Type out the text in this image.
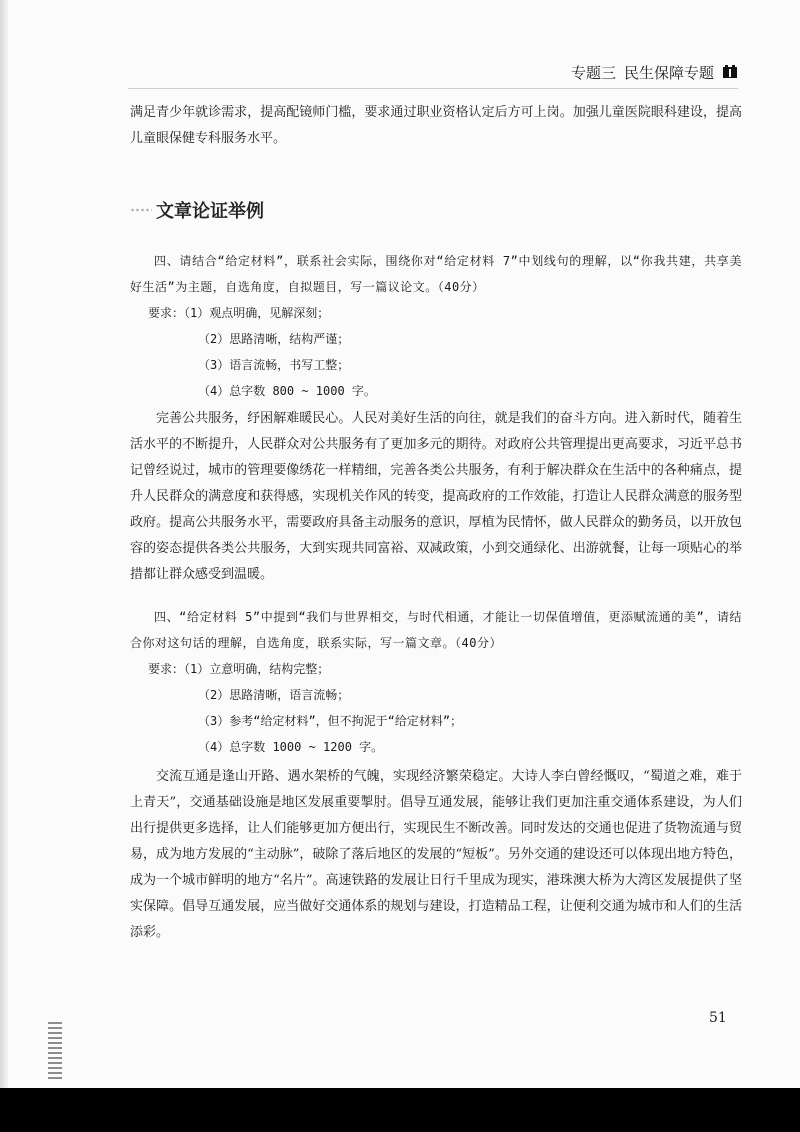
专题三 民生保障专题

满足青少年就诊需求，提高配镜师门槛，要求通过职业资格认定后方可上岗。加强儿童医院眼科建设，提高儿童眼保健专科服务水平。

文章论证举例

四、请结合“给定材料”，联系社会实际，围绕你对“给定材料 7”中划线句的理解，以“你我共建，共享美好生活”为主题，自选角度，自拟题目，写一篇议论文。（40分）

要求：（1）观点明确，见解深刻；

（2）思路清晰，结构严谨；

（3）语言流畅，书写工整；

（4）总字数 800 ~ 1000 字。

完善公共服务，纾困解难暖民心。人民对美好生活的向往，就是我们的奋斗方向。进入新时代，随着生活水平的不断提升，人民群众对公共服务有了更加多元的期待。对政府公共管理提出更高要求，习近平总书记曾经说过，城市的管理要像绣花一样精细，完善各类公共服务，有利于解决群众在生活中的各种痛点，提升人民群众的满意度和获得感，实现机关作风的转变，提高政府的工作效能，打造让人民群众满意的服务型政府。提高公共服务水平，需要政府具备主动服务的意识，厚植为民情怀，做人民群众的勤务员，以开放包容的姿态提供各类公共服务，大到实现共同富裕、双减政策，小到交通绿化、出游就餐，让每一项贴心的举措都让群众感受到温暖。

四、“给定材料 5”中提到“我们与世界相交，与时代相通，才能让一切保值增值，更添赋流通的美”，请结合你对这句话的理解，自选角度，联系实际，写一篇文章。（40分）

要求：（1）立意明确，结构完整；

（2）思路清晰，语言流畅；

（3）参考“给定材料”，但不拘泥于“给定材料”；

（4）总字数 1000 ~ 1200 字。

交流互通是逢山开路、遇水架桥的气魄，实现经济繁荣稳定。大诗人李白曾经慨叹，“蜀道之难，难于上青天”，交通基础设施是地区发展重要掣肘。倡导互通发展，能够让我们更加注重交通体系建设，为人们出行提供更多选择，让人们能够更加方便出行，实现民生不断改善。同时发达的交通也促进了货物流通与贸易，成为地方发展的“主动脉”，破除了落后地区的发展的“短板”。另外交通的建设还可以体现出地方特色，成为一个城市鲜明的地方“名片”。高速铁路的发展让日行千里成为现实，港珠澳大桥为大湾区发展提供了坚实保障。倡导互通发展，应当做好交通体系的规划与建设，打造精品工程，让便利交通为城市和人们的生活添彩。

51
